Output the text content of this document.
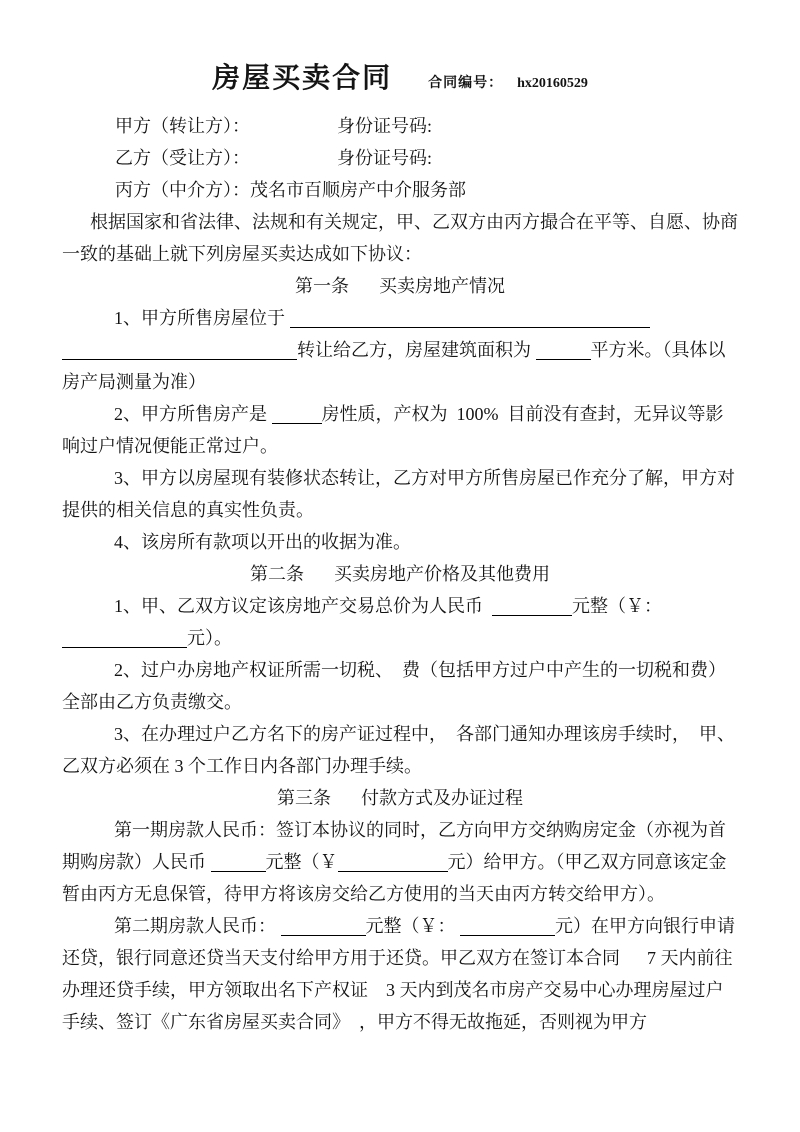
房屋买卖合同	合同编号： hx20160529
甲方（转让方）：	身份证号码:
乙方（受让方）：	身份证号码:
丙方（中介方）：茂名市百顺房产中介服务部

根据国家和省法律、法规和有关规定，甲、乙双方由丙方撮合在平等、自愿、协商一致的基础上就下列房屋买卖达成如下协议：

第一条 买卖房地产情况

1、甲方所售房屋位于 转让给乙方，房屋建筑面积为	平方米。（具体以房产局测量为准）

2、甲方所售房产是	房性质，产权为  100%  目前没有查封，无异议等影响过户情况便能正常过户。

3、甲方以房屋现有装修状态转让，乙方对甲方所售房屋已作充分了解，甲方对提供的相关信息的真实性负责。

4、该房所有款项以开出的收据为准。

第二条 买卖房地产价格及其他费用

1、甲、乙双方议定该房地产交易总价为人民币	元整（￥： 元）。

2、过户办房地产权证所需一切税、  费（包括甲方过户中产生的一切税和费）全部由乙方负责缴交。

3、在办理过户乙方名下的房产证过程中，  各部门通知办理该房手续时，  甲、乙双方必须在 3 个工作日内各部门办理手续。

第三条 付款方式及办证过程

第一期房款人民币：签订本协议的同时，乙方向甲方交纳购房定金（亦视为首期购房款）人民币	元整（￥	元）给甲方。（甲乙双方同意该定金暂由丙方无息保管，待甲方将该房交给乙方使用的当天由丙方转交给甲方）。

第二期房款人民币：	元整（￥：	元）在甲方向银行申请还贷，银行同意还贷当天支付给甲方用于还贷。甲乙双方在签订本合同      7 天内前往办理还贷手续，甲方领取出名下产权证    3 天内到茂名市房产交易中心办理房屋过户手续、签订《广东省房屋买卖合同》  ，甲方不得无故拖延，否则视为甲方
